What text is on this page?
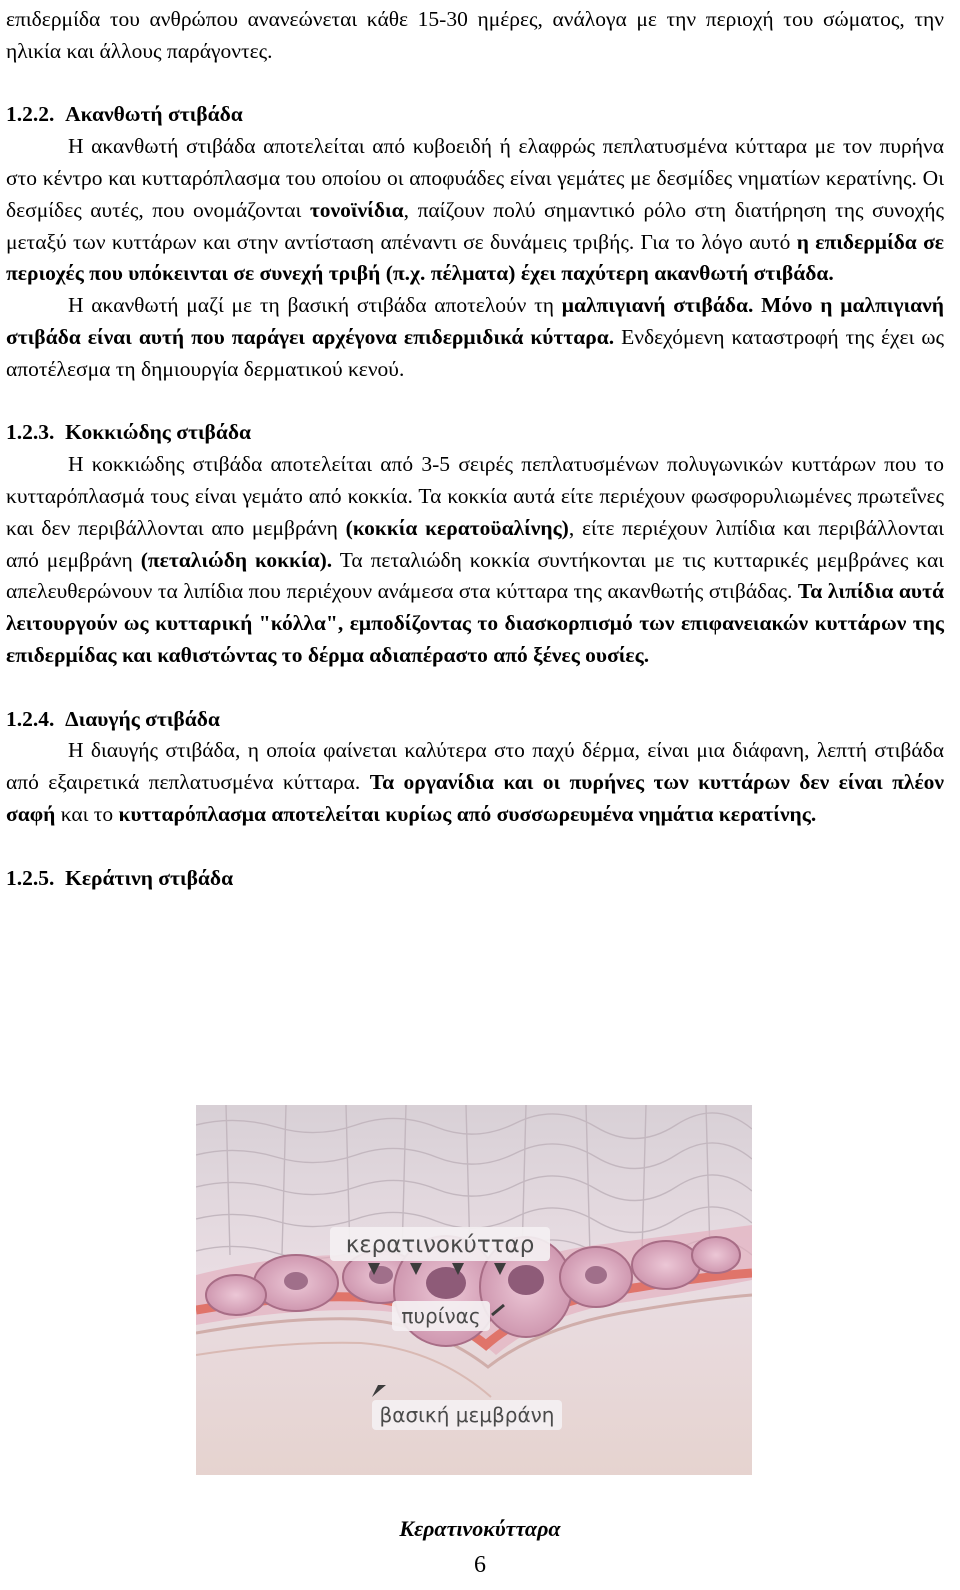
επιδερμίδα του ανθρώπου ανανεώνεται κάθε 15-30 ημέρες, ανάλογα με την περιοχή του σώματος, την ηλικία και άλλους παράγοντες.

1.2.2. Ακανθωτή στιβάδα

Η ακανθωτή στιβάδα αποτελείται από κυβοειδή ή ελαφρώς πεπλατυσμένα κύτταρα με τον πυρήνα στο κέντρο και κυτταρόπλασμα του οποίου οι αποφυάδες είναι γεμάτες με δεσμίδες νηματίων κερατίνης. Οι δεσμίδες αυτές, που ονομάζονται τονοϊνίδια, παίζουν πολύ σημαντικό ρόλο στη διατήρηση της συνοχής μεταξύ των κυττάρων και στην αντίσταση απέναντι σε δυνάμεις τριβής. Για το λόγο αυτό η επιδερμίδα σε περιοχές που υπόκεινται σε συνεχή τριβή (π.χ. πέλματα) έχει παχύτερη ακανθωτή στιβάδα.

Η ακανθωτή μαζί με τη βασική στιβάδα αποτελούν τη μαλπιγιανή στιβάδα. Μόνο η μαλπιγιανή στιβάδα είναι αυτή που παράγει αρχέγονα επιδερμιδικά κύτταρα. Ενδεχόμενη καταστροφή της έχει ως αποτέλεσμα τη δημιουργία δερματικού κενού.

1.2.3. Κοκκιώδης στιβάδα

Η κοκκιώδης στιβάδα αποτελείται από 3-5 σειρές πεπλατυσμένων πολυγωνικών κυττάρων που το κυτταρόπλασμά τους είναι γεμάτο από κοκκία. Τα κοκκία αυτά είτε περιέχουν φωσφορυλιωμένες πρωτεΐνες και δεν περιβάλλονται απο μεμβράνη (κοκκία κερατοϋαλίνης), είτε περιέχουν λιπίδια και περιβάλλονται από μεμβράνη (πεταλιώδη κοκκία). Τα πεταλιώδη κοκκία συντήκονται με τις κυτταρικές μεμβράνες και απελευθερώνουν τα λιπίδια που περιέχουν ανάμεσα στα κύτταρα της ακανθωτής στιβάδας. Τα λιπίδια αυτά λειτουργούν ως κυτταρική "κόλλα", εμποδίζοντας το διασκορπισμό των επιφανειακών κυττάρων της επιδερμίδας και καθιστώντας το δέρμα αδιαπέραστο από ξένες ουσίες.

1.2.4. Διαυγής στιβάδα

Η διαυγής στιβάδα, η οποία φαίνεται καλύτερα στο παχύ δέρμα, είναι μια διάφανη, λεπτή στιβάδα από εξαιρετικά πεπλατυσμένα κύτταρα. Τα οργανίδια και οι πυρήνες των κυττάρων δεν είναι πλέον σαφή και το κυτταρόπλασμα αποτελείται κυρίως από συσσωρευμένα νημάτια κερατίνης.

1.2.5. Κεράτινη στιβάδα

κερατινοκύτταρ
πυρίνας
βασική μεμβράνη
Κερατινοκύτταρα
6
